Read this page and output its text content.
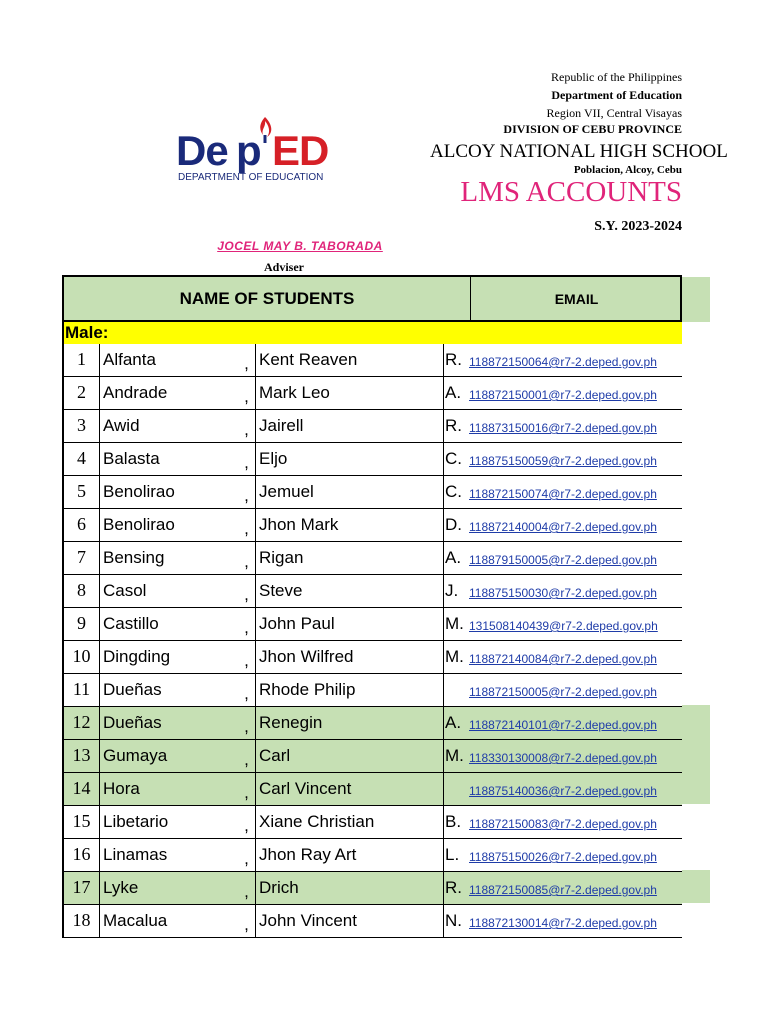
Republic of the Philippines
Department of Education
Region VII, Central Visayas
DIVISION OF CEBU PROVINCE
ALCOY NATIONAL HIGH SCHOOL
Poblacion, Alcoy, Cebu
LMS ACCOUNTS
S.Y. 2023-2024
De p ED
DEPARTMENT OF EDUCATION
JOCEL MAY B. TABORADA
Adviser
NAME OF STUDENTS	EMAIL
Male:
1	Alfanta	, Kent Reaven	R. 118872150064@r7-2.deped.gov.ph
2	Andrade	, Mark Leo	A. 118872150001@r7-2.deped.gov.ph
3	Awid	, Jairell	R. 118873150016@r7-2.deped.gov.ph
4	Balasta	, Eljo	C. 118875150059@r7-2.deped.gov.ph
5	Benolirao	, Jemuel	C. 118872150074@r7-2.deped.gov.ph
6	Benolirao	, Jhon Mark	D. 118872140004@r7-2.deped.gov.ph
7	Bensing	, Rigan	A. 118879150005@r7-2.deped.gov.ph
8	Casol	, Steve	J. 118875150030@r7-2.deped.gov.ph
9	Castillo	, John Paul	M. 131508140439@r7-2.deped.gov.ph
10 Dingding	, Jhon Wilfred	M. 118872140084@r7-2.deped.gov.ph
11 Dueñas	, Rhode Philip	118872150005@r7-2.deped.gov.ph
12 Dueñas	, Renegin	A. 118872140101@r7-2.deped.gov.ph
13 Gumaya	, Carl	M. 118330130008@r7-2.deped.gov.ph
14 Hora	, Carl Vincent	118875140036@r7-2.deped.gov.ph
15 Libetario	, Xiane Christian	B. 118872150083@r7-2.deped.gov.ph
16 Linamas	, Jhon Ray Art	L. 118875150026@r7-2.deped.gov.ph
17 Lyke	, Drich	R. 118872150085@r7-2.deped.gov.ph
18 Macalua	, John Vincent	N. 118872130014@r7-2.deped.gov.ph
